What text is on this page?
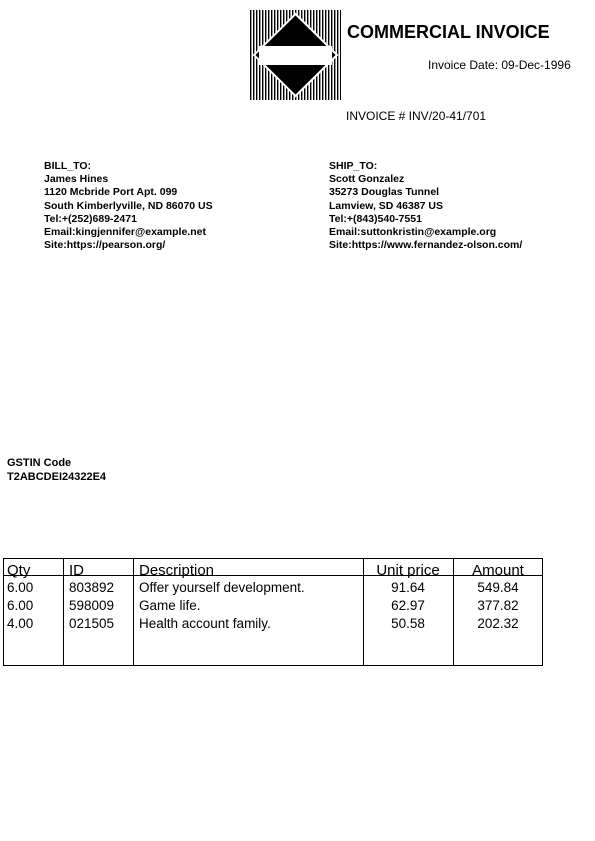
COMMERCIAL INVOICE
Invoice Date: 09-Dec-1996
INVOICE # INV/20-41/701
BILL_TO:
James Hines
1120 Mcbride Port Apt. 099
South Kimberlyville, ND 86070 US
Tel:+(252)689-2471
Email:kingjennifer@example.net
Site:https://pearson.org/
SHIP_TO:
Scott Gonzalez
35273 Douglas Tunnel
Lamview, SD 46387 US
Tel:+(843)540-7551
Email:suttonkristin@example.org
Site:https://www.fernandez-olson.com/
GSTIN Code
T2ABCDEI24322E4
Qty	ID	Description	Unit price	Amount
6.00	803892 Offer yourself development.	91.64	549.84
6.00	598009 Game life.	62.97	377.82
4.00	021505 Health account family.	50.58	202.32
